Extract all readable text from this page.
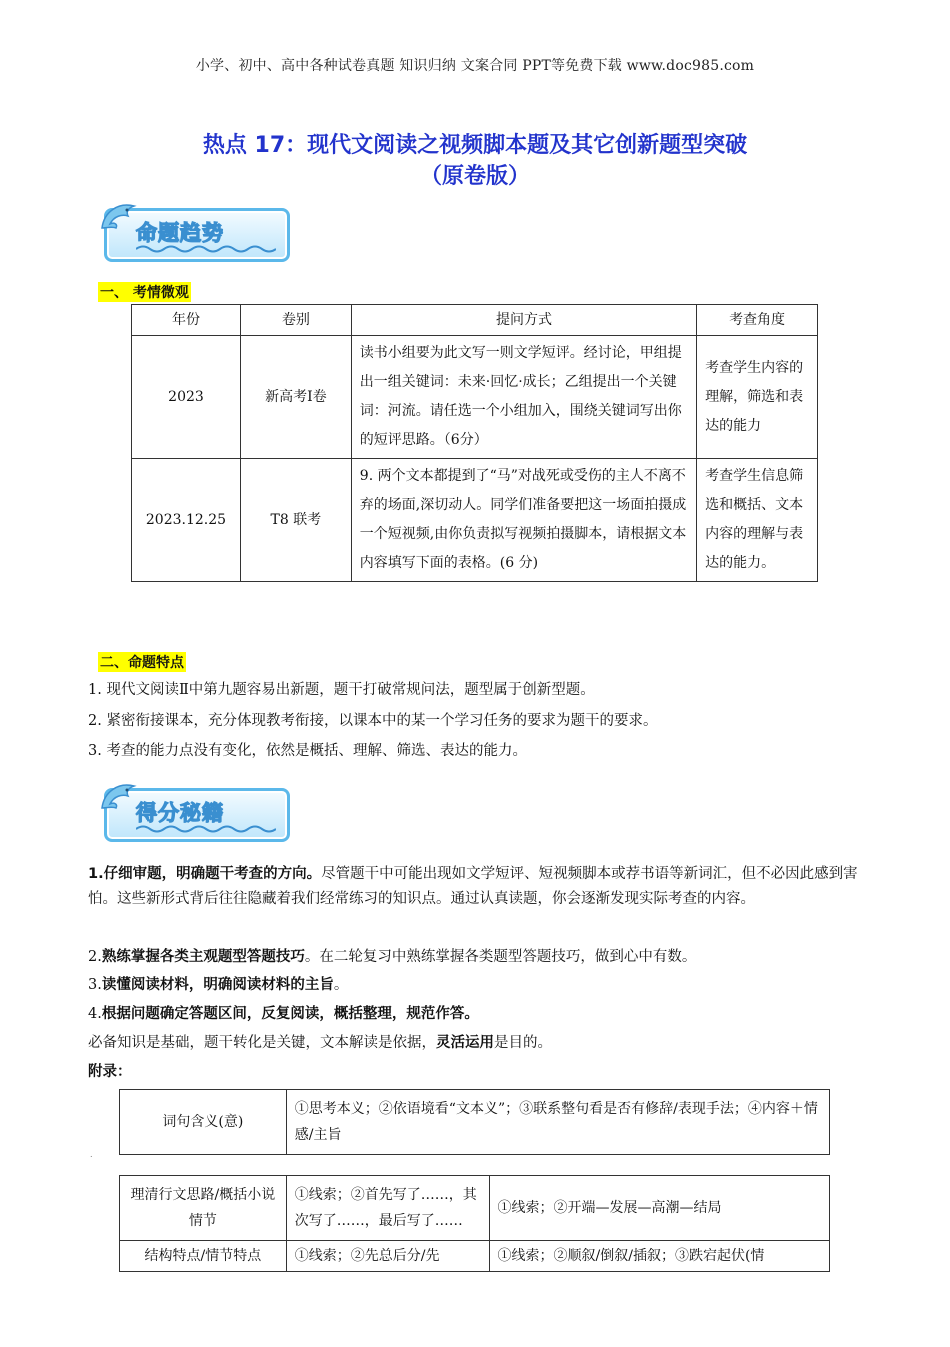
小学、初中、高中各种试卷真题 知识归纳 文案合同 PPT等免费下载 www.doc985.com
热点 17：现代文阅读之视频脚本题及其它创新题型突破
（原卷版）
命题趋势
一、 考情微观
年份	卷别	提问方式	考查角度
2023	新高考Ⅰ卷	读书小组要为此文写一则文学短评。经讨论，甲组提出一组关键词：未来·回忆·成长；乙组提出一个关键词：河流。请任选一个小组加入，围绕关键词写出你的短评思路。（6分）	考查学生内容的理解，筛选和表达的能力
2023.12.25	T8 联考	9. 两个文本都提到了“马”对战死或受伤的主人不离不弃的场面,深切动人。同学们准备要把这一场面拍摄成一个短视频,由你负责拟写视频拍摄脚本，请根据文本内容填写下面的表格。(6 分)	考查学生信息筛选和概括、文本内容的理解与表达的能力。
二、命题特点
1. 现代文阅读Ⅱ中第九题容易出新题，题干打破常规问法，题型属于创新型题。
2. 紧密衔接课本，充分体现教考衔接，以课本中的某一个学习任务的要求为题干的要求。
3. 考查的能力点没有变化，依然是概括、理解、筛选、表达的能力。
得分秘籍
1.仔细审题，明确题干考查的方向。尽管题干中可能出现如文学短评、短视频脚本或荐书语等新词汇，但不必因此感到害怕。这些新形式背后往往隐藏着我们经常练习的知识点。通过认真读题，你会逐渐发现实际考查的内容。
2.熟练掌握各类主观题型答题技巧。在二轮复习中熟练掌握各类题型答题技巧，做到心中有数。
3.读懂阅读材料，明确阅读材料的主旨。
4.根据问题确定答题区间，反复阅读，概括整理，规范作答。
必备知识是基础，题干转化是关键，文本解读是依据，灵活运用是目的。
附录：
词句含义(意)	①思考本义；②依语境看“文本义”；③联系整句看是否有修辞/表现手法；④内容＋情感/主旨
.
理清行文思路/概括小说情节	①线索；②首先写了……，其次写了……，最后写了……	①线索；②开端—发展—高潮—结局
结构特点/情节特点	①线索；②先总后分/先	①线索；②顺叙/倒叙/插叙；③跌宕起伏(情
